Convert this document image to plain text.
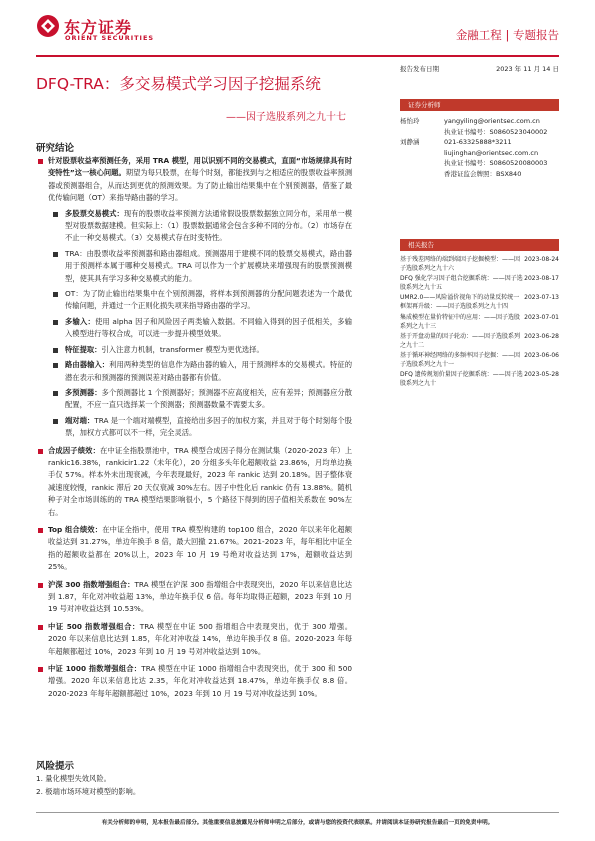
东方证券
ORIENT SECURITIES	金融工程 | 专题报告
DFQ-TRA：多交易模式学习因子挖掘系统
——因子选股系列之九十七
报告发布日期	2023 年 11 月 14 日
证券分析师
杨怡玲	yangyiling@orientsec.com.cn
执业证书编号： S0860523040002
刘静涵	021-63325888*3211
liujinghan@orientsec.com.cn
执业证书编号： S0860520080003
香港证监会牌照： BSX840
相关报告
基于残差网络的端到端因子挖掘模型：——因子选股系列之九十六
2023-08-24
DFQ 强化学习因子组合挖掘系统：——因子选股系列之九十五
2023-08-17
UMR2.0——风险溢价视角下的动量反转统一框架再升级：——因子选股系列之九十四
2023-07-13
集成模型在量价特征中的应用：——因子选股系列之九十三
2023-07-01
基于开盘动量的因子轮动：——因子选股系列之九十二
2023-06-28
基于循环神经网络的多频率因子挖掘：——因子选股系列之九十一
2023-06-06
DFQ 遗传规划价量因子挖掘系统：——因子选股系列之九十
2023-05-28
研究结论
针对股票收益率预测任务，采用 TRA 模型，用以识别不同的交易模式，直面“市场规律具有时变特性”这一核心问题。期望为每只股票，在每个时刻，都能找到与之相适应的股票收益率预测器或预测器组合，从而达到更优的预测效果。为了防止输出结果集中在个别预测器，借鉴了最优传输问题（OT）来指导路由器的学习。
多股票交易模式：现有的股票收益率预测方法通常假设股票数据独立同分布，采用单一模型对股票数据建模。但实际上：（1）股票数据通常会包含多种不同的分布。（2）市场存在不止一种交易模式。（3）交易模式存在时变特性。
TRA：由股票收益率预测器和路由器组成。预测器用于建模不同的股票交易模式，路由器用于预测样本属于哪种交易模式。TRA 可以作为一个扩展模块来增强现有的股票预测模型，使其具有学习多种交易模式的能力。
OT：为了防止输出结果集中在个别预测器，将样本到预测器的分配问题表述为一个最优传输问题，并通过一个正则化损失项来指导路由器的学习。
多输入：使用 alpha 因子和风险因子两类输入数据。不同输入得到的因子低相关，多输入模型进行等权合成，可以进一步提升模型效果。
特征提取：引入注意力机制，transformer 模型为更优选择。
路由器输入：利用两种类型的信息作为路由器的输入，用于预测样本的交易模式。特征的潜在表示和预测器的预测误差对路由器都有价值。
多预测器：多个预测器比 1 个预测器好；预测器不应高度相关，应有差异；预测器应分散配置，不应一直只选择某一个预测器；预测器数量不需要太多。
端对端：TRA 是一个端对端模型，直接给出多因子的加权方案，并且对于每个时刻每个股票，加权方式都可以不一样，完全灵活。
合成因子绩效：在中证全指股票池中，TRA 模型合成因子得分在测试集（2020-2023 年）上 rankic16.38%，rankicir1.22（未年化），20 分组多头年化超额收益 23.86%，月均单边换手仅 57%。样本外未出现衰减，今年表现最好，2023 年 rankic 达到 20.18%。因子整体衰减速度较慢，rankic 滞后 20 天仅衰减 30%左右。因子中性化后 rankic 仍有 13.88%。随机种子对全市场训练的的 TRA 模型结果影响很小，5 个路径下得到的因子值相关系数在 90%左右。
Top 组合绩效：在中证全指中，使用 TRA 模型构建的 top100 组合，2020 年以来年化超额收益达到 31.27%，单边年换手 8 倍，最大回撤 21.67%。2021-2023 年，每年相比中证全指的超额收益都在 20%以上，2023 年 10 月 19 号绝对收益达到 17%，超额收益达到 25%。
沪深 300 指数增强组合：TRA 模型在沪深 300 指增组合中表现突出，2020 年以来信息比达到 1.87，年化对冲收益超 13%，单边年换手仅 6 倍。每年均取得正超额，2023 年到 10 月 19 号对冲收益达到 10.53%。
中证 500 指数增强组合：TRA 模型在中证 500 指增组合中表现突出，优于 300 增强。2020 年以来信息比达到 1.85，年化对冲收益 14%，单边年换手仅 8 倍。2020-2023 年每年超额都超过 10%，2023 年到 10 月 19 号对冲收益达到 10%。
中证 1000 指数增强组合：TRA 模型在中证 1000 指增组合中表现突出，优于 300 和 500 增强。2020 年以来信息比达 2.35，年化对冲收益达到 18.47%，单边年换手仅 8.8 倍。2020-2023 年每年超额都超过 10%，2023 年到 10 月 19 号对冲收益达到 10%。
风险提示
1. 量化模型失效风险。
2. 极端市场环境对模型的影响。
有关分析师的申明，见本报告最后部分。其他重要信息披露见分析师申明之后部分，或请与您的投资代表联系。并请阅读本证券研究报告最后一页的免责申明。
